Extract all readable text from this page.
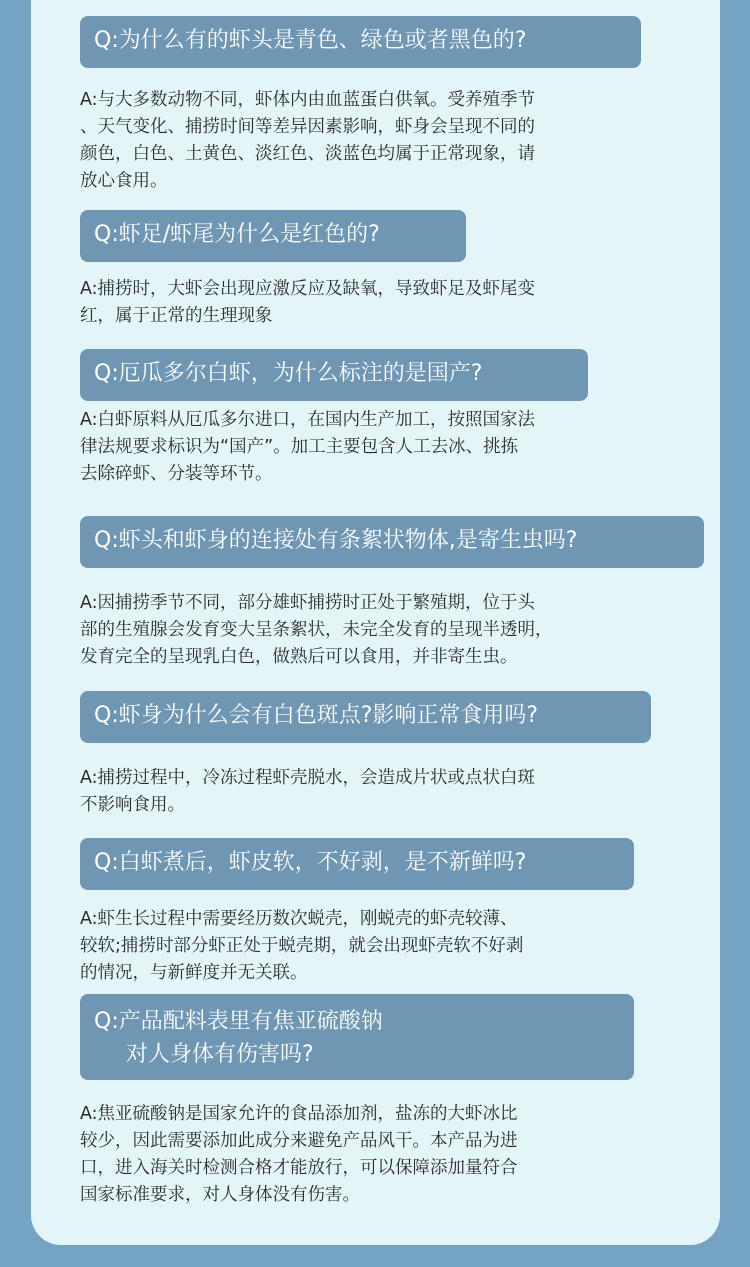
Q:为什么有的虾头是青色、绿色或者黑色的?
A:与大多数动物不同，虾体内由血蓝蛋白供氧。受养殖季节
、天气变化、捕捞时间等差异因素影响，虾身会呈现不同的
颜色，白色、土黄色、淡红色、淡蓝色均属于正常现象，请
放心食用。
Q:虾足/虾尾为什么是红色的?
A:捕捞时，大虾会出现应激反应及缺氧，导致虾足及虾尾变
红，属于正常的生理现象
Q:厄瓜多尔白虾，为什么标注的是国产?
A:白虾原料从厄瓜多尔进口，在国内生产加工，按照国家法
律法规要求标识为“国产”。加工主要包含人工去冰、挑拣
去除碎虾、分装等环节。
Q:虾头和虾身的连接处有条絮状物体,是寄生虫吗?
A:因捕捞季节不同，部分雄虾捕捞时正处于繁殖期，位于头
部的生殖腺会发育变大呈条絮状，未完全发育的呈现半透明，
发育完全的呈现乳白色，做熟后可以食用，并非寄生虫。
Q:虾身为什么会有白色斑点?影响正常食用吗?
A:捕捞过程中，冷冻过程虾壳脱水，会造成片状或点状白斑
不影响食用。
Q:白虾煮后，虾皮软，不好剥，是不新鲜吗?
A:虾生长过程中需要经历数次蜕壳，刚蜕壳的虾壳较薄、
较软;捕捞时部分虾正处于蜕壳期，就会出现虾壳软不好剥
的情况，与新鲜度并无关联。
Q:产品配料表里有焦亚硫酸钠
对人身体有伤害吗?
A:焦亚硫酸钠是国家允许的食品添加剂，盐冻的大虾冰比
较少，因此需要添加此成分来避免产品风干。本产品为进
口，进入海关时检测合格才能放行，可以保障添加量符合
国家标准要求，对人身体没有伤害。
